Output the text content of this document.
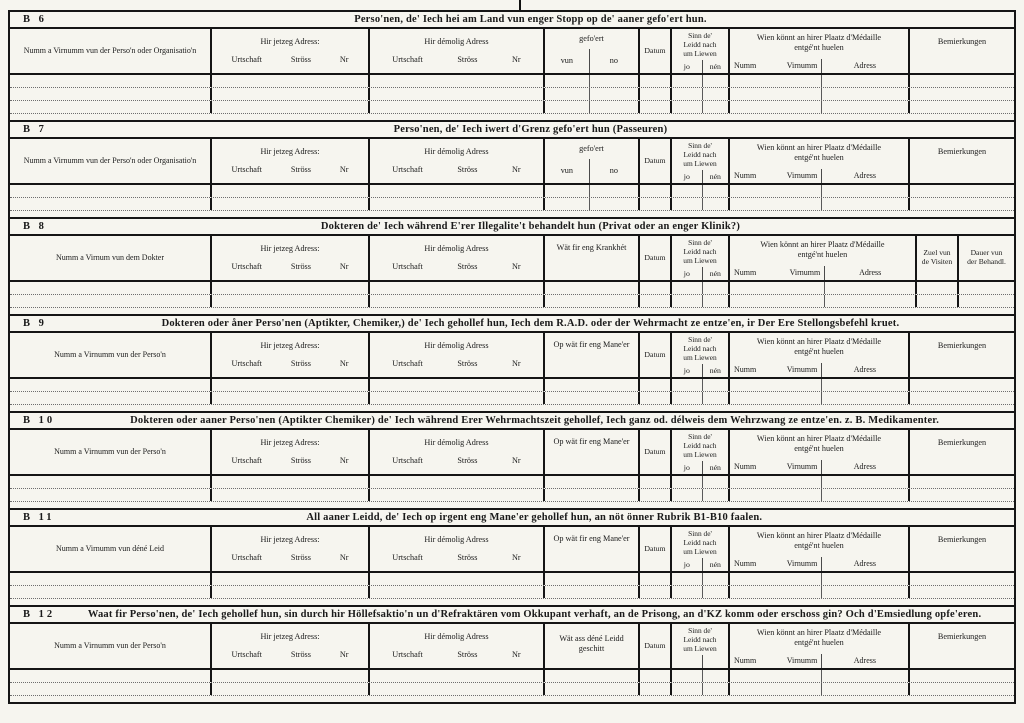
B 6	Perso'nen, de' Iech hei am Land vun enger Stopp op de' aaner gefo'ert hun.
Numm a Virnumm vun der Perso'n oder Organisatio'n
Hir jetzeg Adress:
Urtschaft	Ströss	Nr
Hir démolig Adress
Urtschaft	Ströss	Nr
gefo'ert
vun	no
Datum
Sinn de'
Leidd nach
um Liewen
jo	nén
Wien könnt an hirer Plaatz d'Médaille
entgé'nt huelen
Numm	Virnumm	Adress
Bemierkungen
B 7	Perso'nen, de' Iech iwert d'Grenz gefo'ert hun (Passeuren)
Numm a Virnumm vun der Perso'n oder Organisatio'n
Hir jetzeg Adress:
Urtschaft	Ströss	Nr
Hir démolig Adress
Urtschaft	Ströss	Nr
gefo'ert
vun	no
Datum
Sinn de'
Leidd nach
um Liewen
jo	nén
Wien könnt an hirer Plaatz d'Médaille
entgé'nt huelen
Numm	Virnumm	Adress
Bemierkungen
B 8	Dokteren de' Iech während E'rer Illegalite't behandelt hun (Privat oder an enger Klinik?)
Numm a Virnum vun dem Dokter
Hir jetzeg Adress:
Urtschaft	Ströss	Nr
Hir démolig Adress
Urtschaft	Ströss	Nr
Wät fir eng Krankhét
Datum
Sinn de'
Leidd nach
um Liewen
jo	nén
Wien könnt an hirer Plaatz d'Médaille
entgé'nt huelen
Numm	Virnumm	Adress
Zuel vun
de Visiten
Dauer vun
der Behandl.
B 9	Dokteren oder åner Perso'nen (Aptikter, Chemiker,) de' Iech gehollef hun, Iech dem R.A.D. oder der Wehrmacht ze entze'en, ir Der Ere Stellongsbefehl kruet.
Numm a Virnumm vun der Perso'n
Hir jetzeg Adress:
Urtschaft	Ströss	Nr
Hir démolig Adress
Urtschaft	Ströss	Nr
Op wät fir eng Mane'er
Datum
Sinn de'
Leidd nach
um Liewen
jo	nén
Wien könnt an hirer Plaatz d'Médaille
entgé'nt huelen
Numm	Virnumm	Adress
Bemierkungen
B 10	Dokteren oder aaner Perso'nen (Aptikter Chemiker) de' Iech während Erer Wehrmachtszeit gehollef, Iech ganz od. délweis dem Wehrzwang ze entze'en. z. B. Medikamenter.
Numm a Virnumm vun der Perso'n
Hir jetzeg Adress:
Urtschaft	Ströss	Nr
Hir démolig Adress
Urtschaft	Ströss	Nr
Op wät fir eng Mane'er
Datum
Sinn de'
Leidd nach
um Liewen
jo	nén
Wien könnt an hirer Plaatz d'Médaille
entgé'nt huelen
Numm	Virnumm	Adress
Bemierkungen
B 11	All aaner Leidd, de' Iech op irgent eng Mane'er gehollef hun, an nöt önner Rubrik B1-B10 faalen.
Numm a Virnumm vun déné Leid
Hir jetzeg Adress:
Urtschaft	Ströss	Nr
Hir démolig Adress
Urtschaft	Ströss	Nr
Op wät fir eng Mane'er
Datum
Sinn de'
Leidd nach
um Liewen
jo	nén
Wien könnt an hirer Plaatz d'Médaille
entgé'nt huelen
Numm	Virnumm	Adress
Bemierkungen
B 12	Waat fir Perso'nen, de' Iech gehollef hun, sin durch hir Höllefsaktio'n un d'Refraktären vom Okkupant verhaft, an de Prisong, an d'KZ komm oder erschoss gin? Och d'Emsiedlung opfe'eren.
Numm a Virnumm vun der Perso'n
Hir jetzeg Adress:
Urtschaft	Ströss	Nr
Hir démolig Adress
Urtschaft	Ströss	Nr
Wät ass déné Leidd geschitt	Datum
Sinn de'
Leidd nach
um Liewen
Wien könnt an hirer Plaatz d'Médaille
entgé'nt huelen
Numm	Virnumm	Adress
Bemierkungen
